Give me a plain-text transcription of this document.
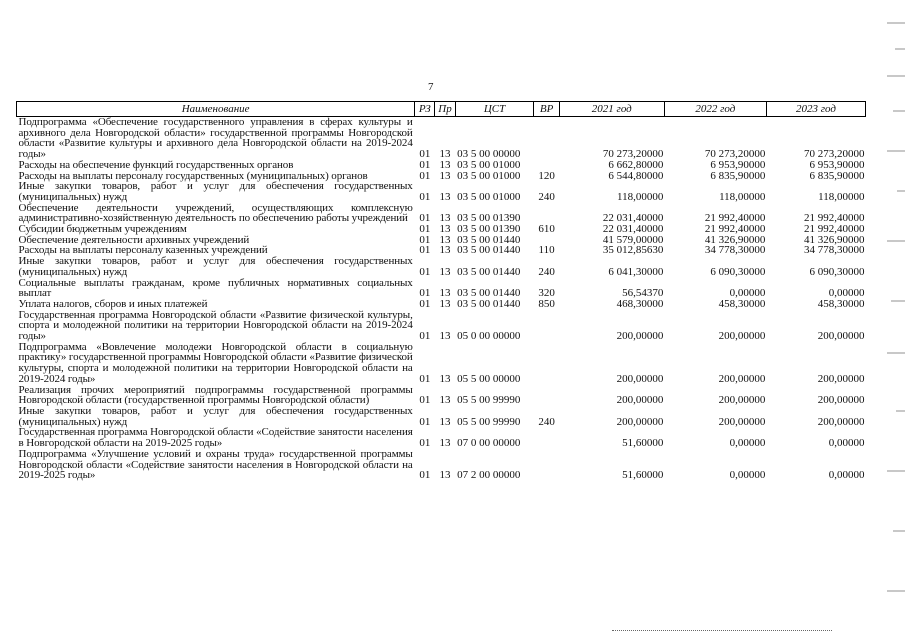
7
Наименование	РЗ	Пр	ЦСТ	ВР	2021 год	2022 год	2023 год
Подпрограмма «Обеспечение государственного управления в сферах культуры и архивного дела Новгородской области» государственной программы Новгородской области «Развитие культуры и архивного дела Новгородской области на 2019-2024 годы»	01	13	03 5 00 00000		70 273,20000	70 273,20000	70 273,20000
Расходы на обеспечение функций государственных органов	01	13	03 5 00 01000		6 662,80000	6 953,90000	6 953,90000
Расходы на выплаты персоналу государственных (муниципальных) органов	01	13	03 5 00 01000	120	6 544,80000	6 835,90000	6 835,90000
Иные закупки товаров, работ и услуг для обеспечения государственных (муниципальных) нужд	01	13	03 5 00 01000	240	118,00000	118,00000	118,00000
Обеспечение деятельности учреждений, осуществляющих комплексную административно-хозяйственную деятельность по обеспечению работы учреждений	01	13	03 5 00 01390		22 031,40000	21 992,40000	21 992,40000
Субсидии бюджетным учреждениям	01	13	03 5 00 01390	610	22 031,40000	21 992,40000	21 992,40000
Обеспечение деятельности архивных учреждений	01	13	03 5 00 01440		41 579,00000	41 326,90000	41 326,90000
Расходы на выплаты персоналу казенных учреждений	01	13	03 5 00 01440	110	35 012,85630	34 778,30000	34 778,30000
Иные закупки товаров, работ и услуг для обеспечения государственных (муниципальных) нужд	01	13	03 5 00 01440	240	6 041,30000	6 090,30000	6 090,30000
Социальные выплаты гражданам, кроме публичных нормативных социальных выплат	01	13	03 5 00 01440	320	56,54370	0,00000	0,00000
Уплата налогов, сборов и иных платежей	01	13	03 5 00 01440	850	468,30000	458,30000	458,30000
Государственная программа Новгородской области «Развитие физической культуры, спорта и молодежной политики на территории Новгородской области на 2019-2024 годы»	01	13	05 0 00 00000		200,00000	200,00000	200,00000
Подпрограмма «Вовлечение молодежи Новгородской области в социальную практику» государственной программы Новгородской области «Развитие физической культуры, спорта и молодежной политики на территории Новгородской области на 2019-2024 годы»	01	13	05 5 00 00000		200,00000	200,00000	200,00000
Реализация прочих мероприятий подпрограммы государственной программы Новгородской области (государственной программы Новгородской области)	01	13	05 5 00 99990		200,00000	200,00000	200,00000
Иные закупки товаров, работ и услуг для обеспечения государственных (муниципальных) нужд	01	13	05 5 00 99990	240	200,00000	200,00000	200,00000
Государственная программа Новгородской области «Содействие занятости населения в Новгородской области на 2019-2025 годы»	01	13	07 0 00 00000		51,60000	0,00000	0,00000
Подпрограмма «Улучшение условий и охраны труда» государственной программы Новгородской области «Содействие занятости населения в Новгородской области на 2019-2025 годы»	01	13	07 2 00 00000		51,60000	0,00000	0,00000
